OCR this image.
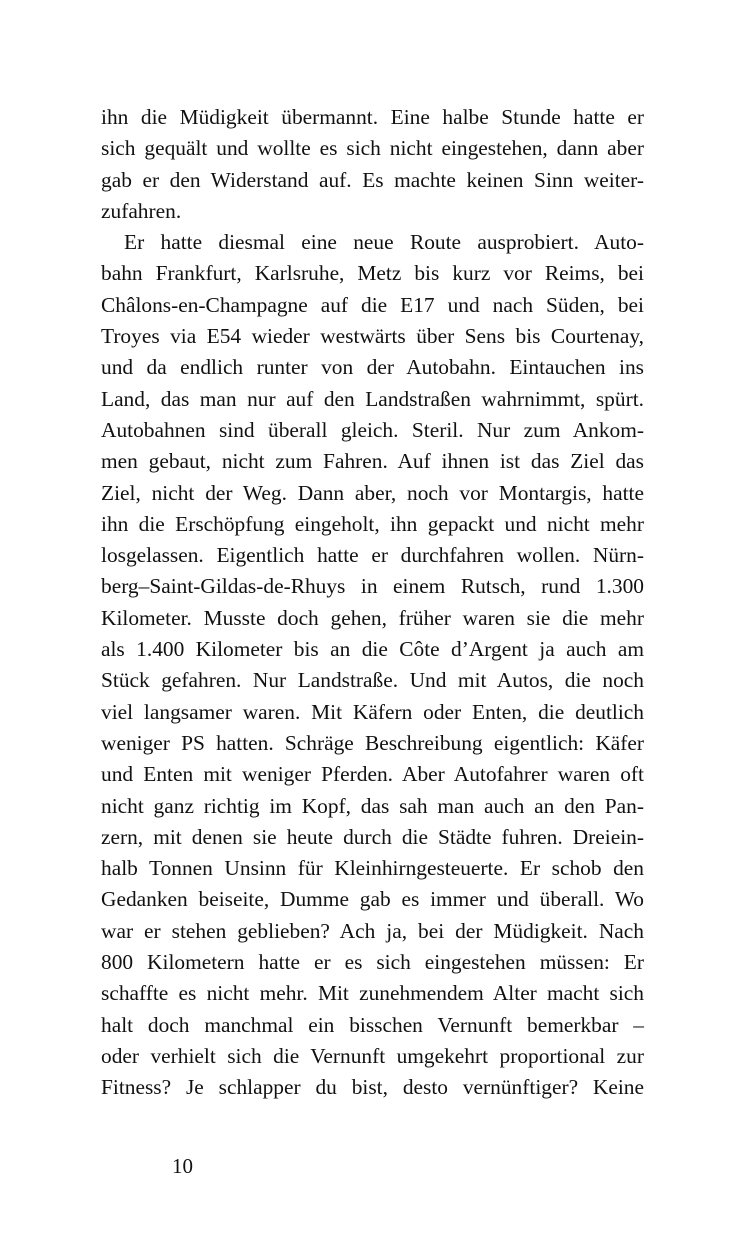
ihn die Müdigkeit übermannt. Eine halbe Stunde hatte er
sich gequält und wollte es sich nicht eingestehen, dann aber
gab er den Widerstand auf. Es machte keinen Sinn weiter-
zufahren.
Er hatte diesmal eine neue Route ausprobiert. Auto-
bahn Frankfurt, Karlsruhe, Metz bis kurz vor Reims, bei
Châlons-en-Champagne auf die E17 und nach Süden, bei
Troyes via E54 wieder westwärts über Sens bis Courtenay,
und da endlich runter von der Autobahn. Eintauchen ins
Land, das man nur auf den Landstraßen wahrnimmt, spürt.
Autobahnen sind überall gleich. Steril. Nur zum Ankom-
men gebaut, nicht zum Fahren. Auf ihnen ist das Ziel das
Ziel, nicht der Weg. Dann aber, noch vor Montargis, hatte
ihn die Erschöpfung eingeholt, ihn gepackt und nicht mehr
losgelassen. Eigentlich hatte er durchfahren wollen. Nürn-
berg–Saint-Gildas-de-Rhuys in einem Rutsch, rund 1.300
Kilometer. Musste doch gehen, früher waren sie die mehr
als 1.400 Kilometer bis an die Côte d’Argent ja auch am
Stück gefahren. Nur Landstraße. Und mit Autos, die noch
viel langsamer waren. Mit Käfern oder Enten, die deutlich
weniger PS hatten. Schräge Beschreibung eigentlich: Käfer
und Enten mit weniger Pferden. Aber Autofahrer waren oft
nicht ganz richtig im Kopf, das sah man auch an den Pan-
zern, mit denen sie heute durch die Städte fuhren. Dreiein-
halb Tonnen Unsinn für Kleinhirngesteuerte. Er schob den
Gedanken beiseite, Dumme gab es immer und überall. Wo
war er stehen geblieben? Ach ja, bei der Müdigkeit. Nach
800 Kilometern hatte er es sich eingestehen müssen: Er
schaffte es nicht mehr. Mit zunehmendem Alter macht sich
halt doch manchmal ein bisschen Vernunft bemerkbar –
oder verhielt sich die Vernunft umgekehrt proportional zur
Fitness? Je schlapper du bist, desto vernünftiger? Keine
10
